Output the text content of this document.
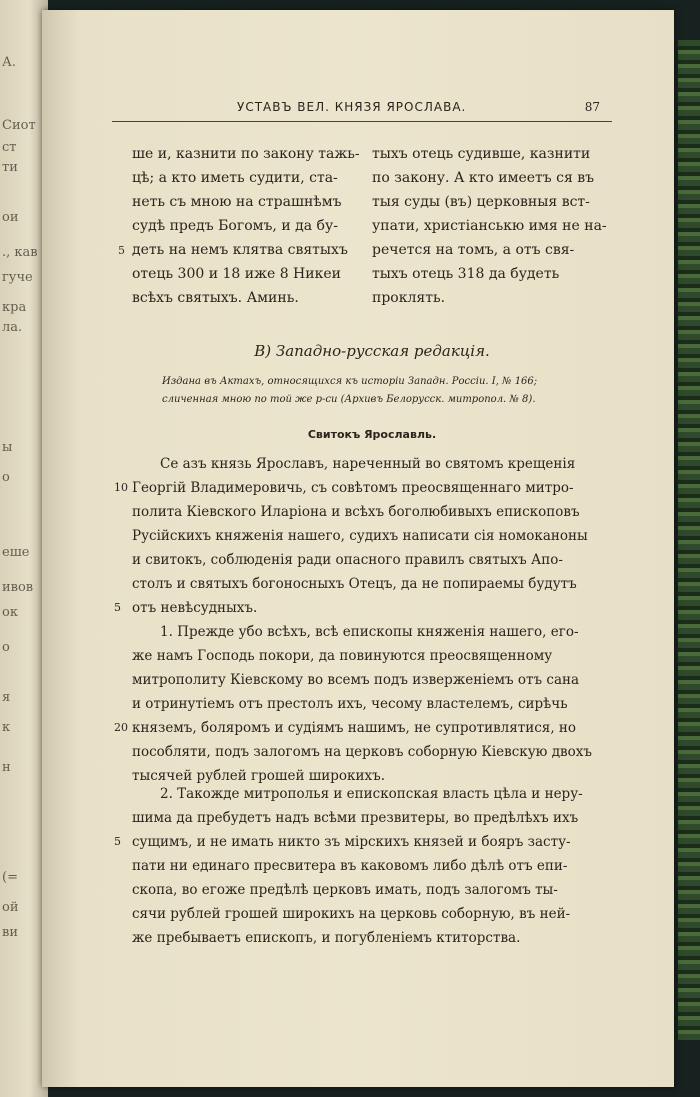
А.
Сиот
ст
ти
ои
., кав
гуче
кра
ла.
ы
о
еше
ивов
ок
о
я
к
н
(=
ой
ви
УСТАВЪ ВЕЛ. КНЯЗЯ ЯРОСЛАВА.	87
ше и, казнити по закону тажь-
цѣ; а кто иметь судити, ста-
неть съ мною на страшнѣмъ
судѣ предъ Богомъ, и да бу-
5 деть на немъ клятва святыхъ
отець 300 и 18 иже 8 Никеи
всѣхъ святыхъ. Аминь.
тыхъ отець судивше, казнити
по закону. А кто имеетъ ся въ
тыя суды (въ) церковныя вст-
упати, христіанськю имя не на-
речется на томъ, а отъ свя-
тыхъ отець 318 да будеть
проклять.
В) Западно-русская редакція.
Издана въ Актахъ, относящихся къ исторіи Западн. Россіи. I, № 166;
сличенная мною по той же р-си (Архивъ Белорусск. митропол. № 8).
Свитокъ Ярославль.
Се азъ князь Ярославъ, нареченный во святомъ крещенія
10 Георгій Владимеровичь, съ совѣтомъ преосвященнаго митро-
полита Кіевского Иларіона и всѣхъ боголюбивыхъ епископовъ
Русійскихъ княженія нашего, судихъ написати сія номоканоны
и свитокъ, соблюденія ради опасного правилъ святыхъ Апо-
столъ и святыхъ богоносныхъ Отецъ, да не попираемы будутъ
5 отъ невѣсудныхъ.
1. Прежде убо всѣхъ, всѣ епископы княженія нашего, его-
же намъ Господь покори, да повинуются преосвященному
митрополиту Кіевскому во всемъ подъ изверженіемъ отъ сана
и отринутіемъ отъ престолъ ихъ, чесому властелемъ, сирѣчь
20 княземъ, боляромъ и судіямъ нашимъ, не супротивлятися, но
пособляти, подъ залогомъ на церковъ соборную Кіевскую двохъ
тысячей рублей грошей широкихъ.
2. Такожде митрополья и епископская власть цѣла и неру-
шима да пребудетъ надъ всѣми презвитеры, во предѣлѣхъ ихъ
5 сущимъ, и не имать никто зъ мірскихъ князей и бояръ засту-
пати ни единаго пресвитера въ каковомъ либо дѣлѣ отъ епи-
скопа, во егоже предѣлѣ церковъ имать, подъ залогомъ ты-
сячи рублей грошей широкихъ на церковь соборную, въ ней-
же пребываетъ епископъ, и погубленіемъ ктиторства.
